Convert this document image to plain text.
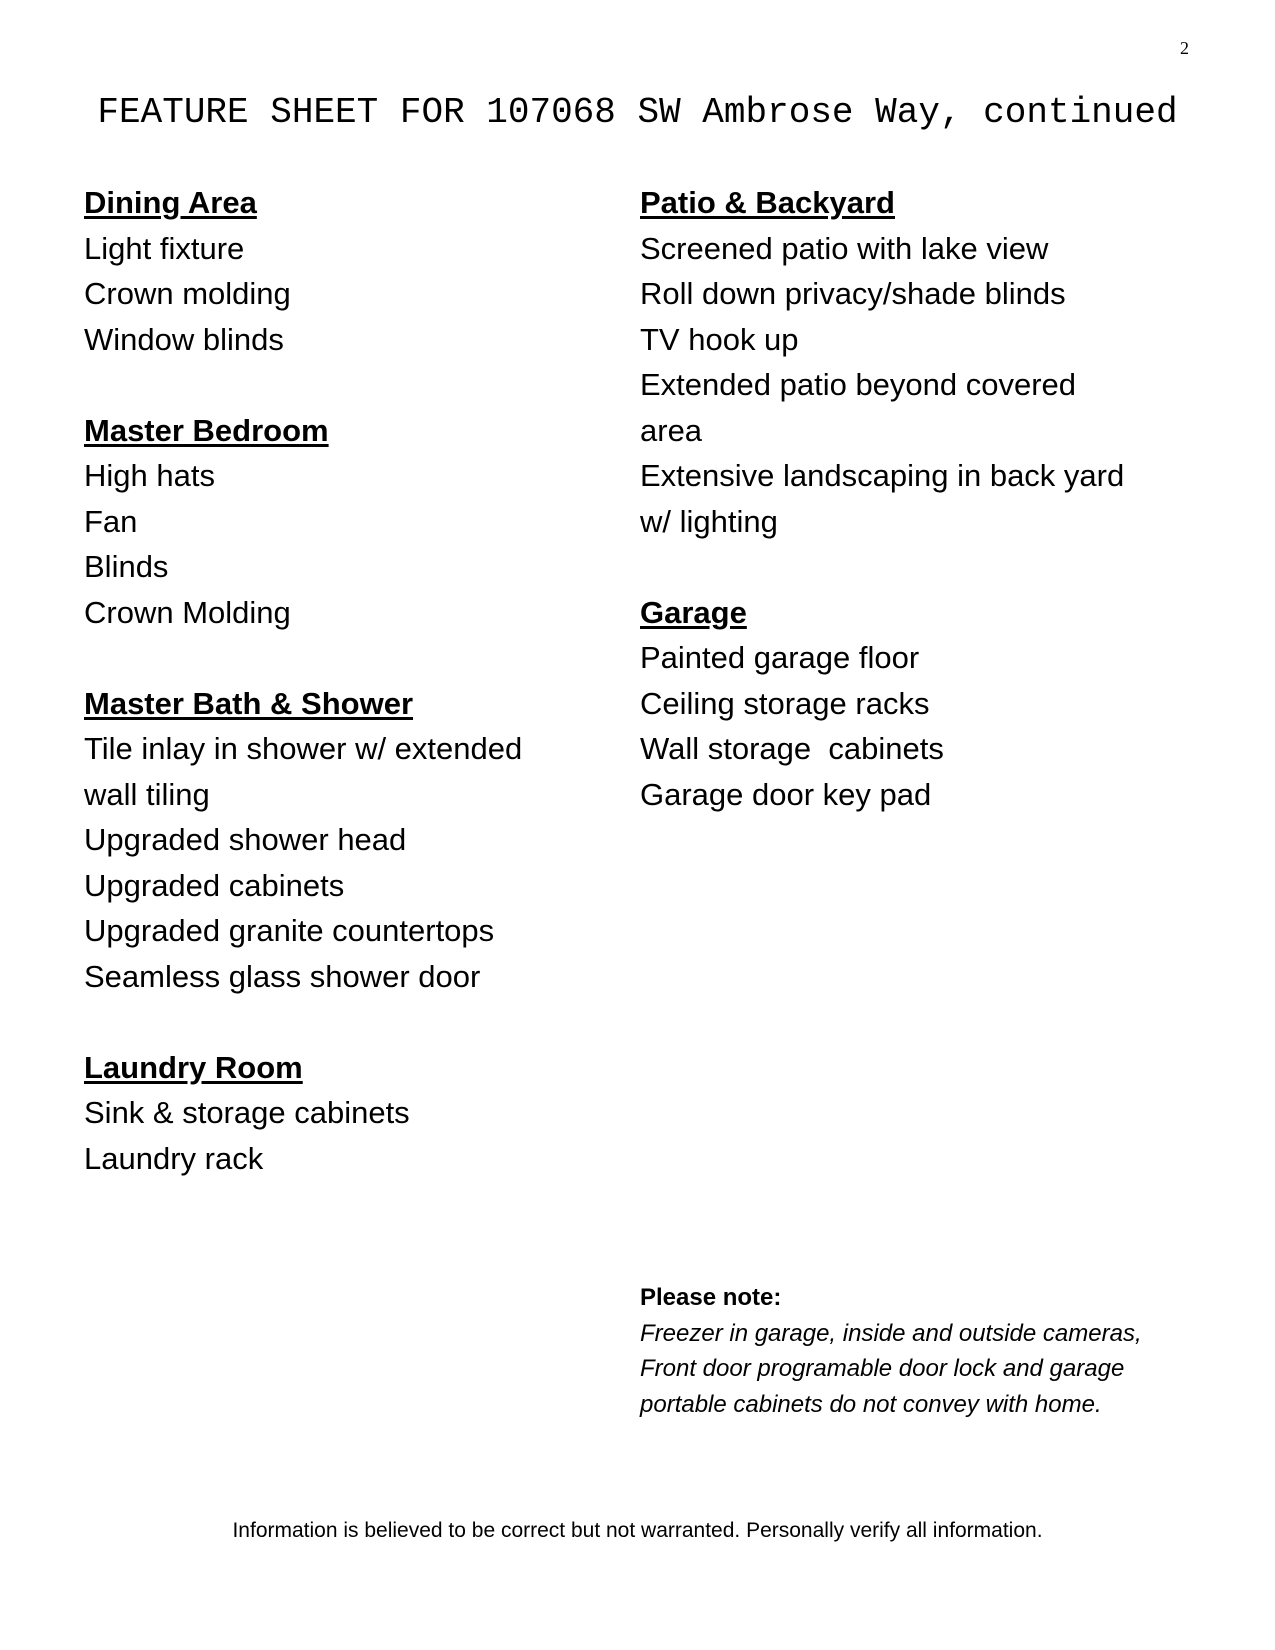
2
FEATURE SHEET FOR 107068 SW Ambrose Way, continued
Dining Area
Light fixture
Crown molding
Window blinds
Master Bedroom
High hats
Fan
Blinds
Crown Molding
Master Bath & Shower
Tile inlay in shower w/ extended
wall tiling
Upgraded shower head
Upgraded cabinets
Upgraded granite countertops
Seamless glass shower door
Laundry Room
Sink & storage cabinets
Laundry rack
Patio & Backyard
Screened patio with lake view
Roll down privacy/shade blinds
TV hook up
Extended patio beyond covered
area
Extensive landscaping in back yard
w/ lighting
Garage
Painted garage floor
Ceiling storage racks
Wall storage  cabinets
Garage door key pad
Please note:
Freezer in garage, inside and outside cameras,
Front door programable door lock and garage
portable cabinets do not convey with home.
Information is believed to be correct but not warranted. Personally verify all information.
